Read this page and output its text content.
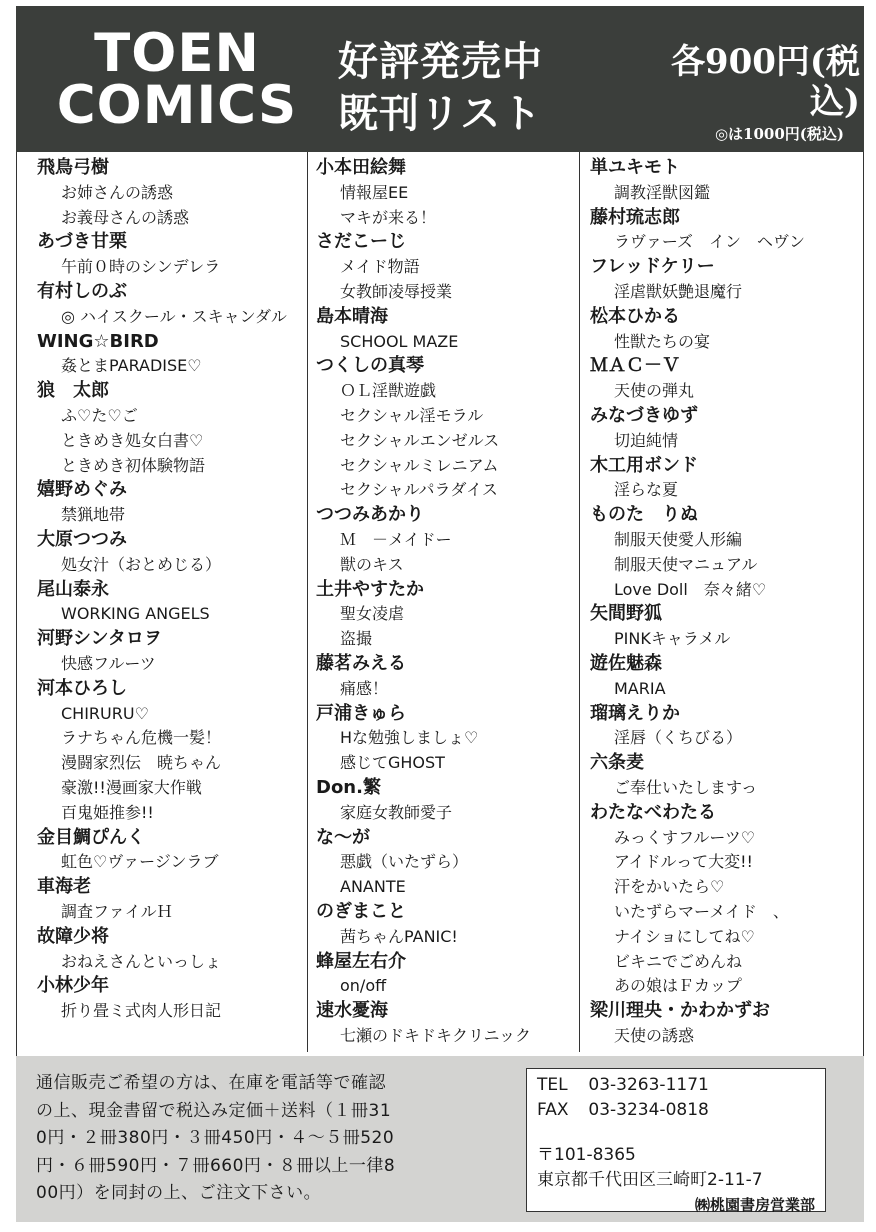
TOEN
COMICS
好評発売中
既刊リスト
各900円(税込)
◎は1000円(税込)
飛鳥弓樹
お姉さんの誘惑
お義母さんの誘惑
あづき甘栗
午前０時のシンデレラ
有村しのぶ
◎ ハイスクール・スキャンダル
WING☆BIRD
姦とまPARADISE♡
狼　太郎
ふ♡た♡ご
ときめき処女白書♡
ときめき初体験物語
嬉野めぐみ
禁猟地帯
大原つつみ
処女汁（おとめじる）
尾山泰永
WORKING ANGELS
河野シンタロヲ
快感フルーツ
河本ひろし
CHIRURU♡
ラナちゃん危機一髪！
漫闘家烈伝　暁ちゃん
豪激!!漫画家大作戦
百鬼姫推参!!
金目鯛ぴんく
虹色♡ヴァージンラブ
車海老
調査ファイルＨ
故障少将
おねえさんといっしょ
小林少年
折り畳ミ式肉人形日記
小本田絵舞
情報屋EE
マキが来る！
さだこーじ
メイド物語
女教師凌辱授業
島本晴海
SCHOOL MAZE
つくしの真琴
ＯＬ淫獣遊戯
セクシャル淫モラル
セクシャルエンゼルス
セクシャルミレニアム
セクシャルパラダイス
つつみあかり
Ｍ　－メイドー
獣のキス
土井やすたか
聖女凌虐
盗撮
藤茗みえる
痛感！
戸浦きゅら
Hな勉強しましょ♡
感じてGHOST
Don.繁
家庭女教師愛子
な～が
悪戯（いたずら）
ANANTE
のぎまこと
茜ちゃんPANIC!
蜂屋左右介
on/off
速水憂海
七瀬のドキドキクリニック
単ユキモト
調教淫獣図鑑
藤村琉志郎
ラヴァーズ　イン　ヘヴン
フレッドケリー
淫虐獣妖艶退魔行
松本ひかる
性獣たちの宴
ＭＡＣ－Ｖ
天使の弾丸
みなづきゆず
切迫純情
木工用ボンド
淫らな夏
ものた　りぬ
制服天使愛人形編
制服天使マニュアル
Love Doll　奈々緒♡
矢間野狐
PINKキャラメル
遊佐魅森
MARIA
瑠璃えりか
淫唇（くちびる）
六条麦
ご奉仕いたしますっ
わたなべわたる
みっくすフルーツ♡
アイドルって大変!!
汗をかいたら♡
いたずらマーメイド　、
ナイショにしてね♡
ビキニでごめんね
あの娘はＦカップ
梁川理央・かわかずお
天使の誘惑
通信販売ご希望の方は、在庫を電話等で確認
の上、現金書留で税込み定価＋送料（１冊31
0円・２冊380円・３冊450円・４～５冊520
円・６冊590円・７冊660円・８冊以上一律8
00円）を同封の上、ご注文下さい。
TEL 03-3263-1171
FAX 03-3234-0818
〒101-8365
東京都千代田区三崎町2-11-7
㈱桃園書房営業部
